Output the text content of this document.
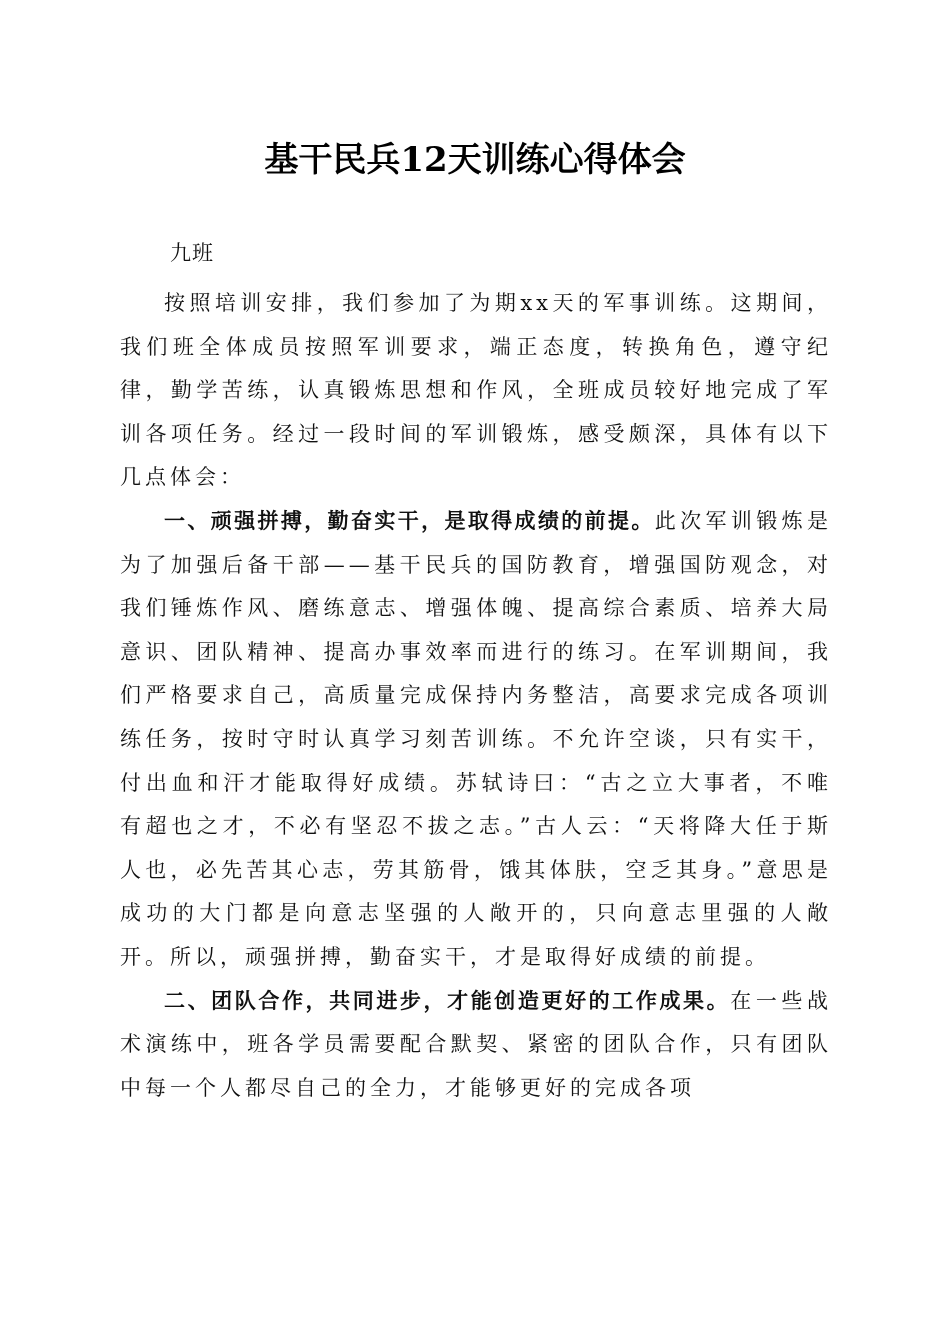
基干民兵12天训练心得体会

九班

按照培训安排，我们参加了为期xx天的军事训练。这期间，我们班全体成员按照军训要求，端正态度，转换角色，遵守纪律，勤学苦练，认真锻炼思想和作风，全班成员较好地完成了军训各项任务。经过一段时间的军训锻炼，感受颇深，具体有以下几点体会：

一、顽强拼搏，勤奋实干，是取得成绩的前提。此次军训锻炼是为了加强后备干部——基干民兵的国防教育，增强国防观念，对我们锤炼作风、磨练意志、增强体魄、提高综合素质、培养大局意识、团队精神、提高办事效率而进行的练习。在军训期间，我们严格要求自己，高质量完成保持内务整洁，高要求完成各项训练任务，按时守时认真学习刻苦训练。不允许空谈，只有实干，付出血和汗才能取得好成绩。苏轼诗曰：“古之立大事者，不唯有超也之才，不必有坚忍不拔之志。”古人云：“天将降大任于斯人也，必先苦其心志，劳其筋骨，饿其体肤，空乏其身。”意思是成功的大门都是向意志坚强的人敞开的，只向意志里强的人敞开。所以，顽强拼搏，勤奋实干，才是取得好成绩的前提。

二、团队合作，共同进步，才能创造更好的工作成果。在一些战术演练中，班各学员需要配合默契、紧密的团队合作，只有团队中每一个人都尽自己的全力，才能够更好的完成各项
